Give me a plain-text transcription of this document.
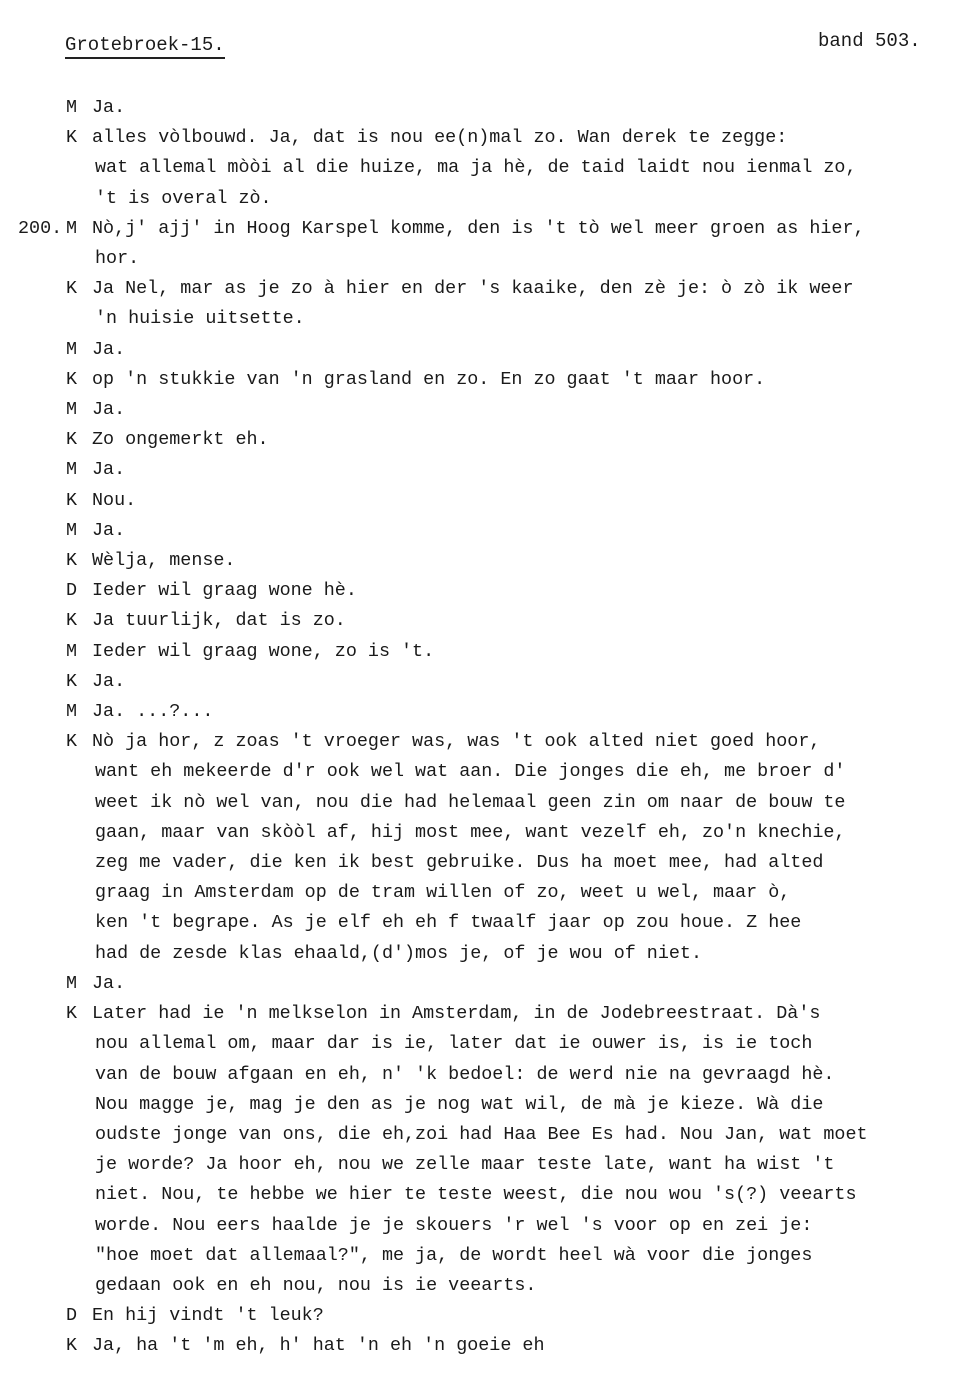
Grotebroek-15.	band 503.
M Ja.
K alles vòlbouwd. Ja, dat is nou ee(n)mal zo. Wan derek te zegge:
wat allemal mòòi al die huize, ma ja hè, de taid laidt nou ienmal zo,
't is overal zò.
200. M Nò,j' ajj' in Hoog Karspel komme, den is 't tò wel meer groen as hier,
hor.
K Ja Nel, mar as je zo à hier en der 's kaaike, den zè je: ò zò ik weer
'n huisie uitsette.
M Ja.
K op 'n stukkie van 'n grasland en zo. En zo gaat 't maar hoor.
M Ja.
K Zo ongemerkt eh.
M Ja.
K Nou.
M Ja.
K Wèlja, mense.
D Ieder wil graag wone hè.
K Ja tuurlijk, dat is zo.
M Ieder wil graag wone, zo is 't.
K Ja.
M Ja. ...?...
K Nò ja hor, z zoas 't vroeger was, was 't ook alted niet goed hoor,
want eh mekeerde d'r ook wel wat aan. Die jonges die eh, me broer d'
weet ik nò wel van, nou die had helemaal geen zin om naar de bouw te
gaan, maar van skòòl af, hij most mee, want vezelf eh, zo'n knechie,
zeg me vader, die ken ik best gebruike. Dus ha moet mee, had alted
graag in Amsterdam op de tram willen of zo, weet u wel, maar ò,
ken 't begrape. As je elf eh eh f twaalf jaar op zou houe. Z hee
had de zesde klas ehaald,(d')mos je, of je wou of niet.
M Ja.
K Later had ie 'n melkselon in Amsterdam, in de Jodebreestraat. Dà's
nou allemal om, maar dar is ie, later dat ie ouwer is, is ie toch
van de bouw afgaan en eh, n' 'k bedoel: de werd nie na gevraagd hè.
Nou magge je, mag je den as je nog wat wil, de mà je kieze. Wà die
oudste jonge van ons, die eh,zoi had Haa Bee Es had. Nou Jan, wat moet
je worde? Ja hoor eh, nou we zelle maar teste late, want ha wist 't
niet. Nou, te hebbe we hier te teste weest, die nou wou 's(?) veearts
worde. Nou eers haalde je je skouers 'r wel 's voor op en zei je:
"hoe moet dat allemaal?", me ja, de wordt heel wà voor die jonges
gedaan ook en eh nou, nou is ie veearts.
D En hij vindt 't leuk?
K Ja, ha 't 'm eh, h' hat 'n eh 'n goeie eh
